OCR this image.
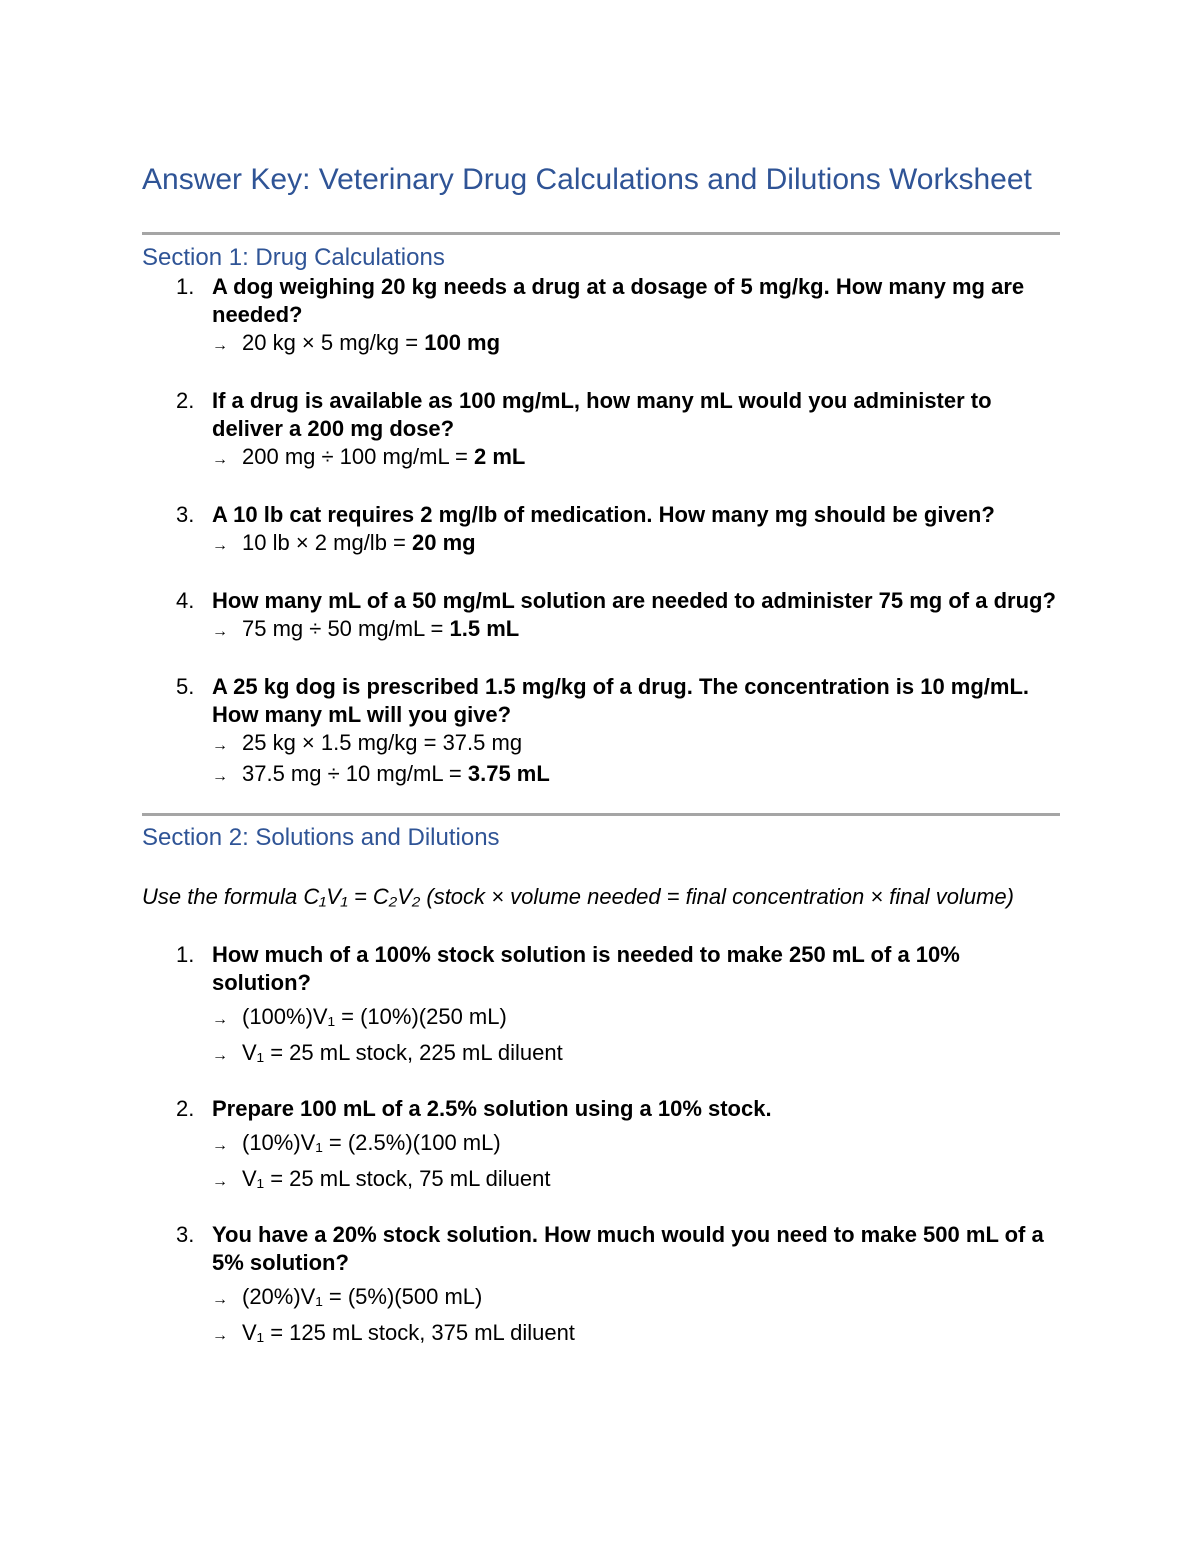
Answer Key: Veterinary Drug Calculations and Dilutions Worksheet
Section 1: Drug Calculations
1. A dog weighing 20 kg needs a drug at a dosage of 5 mg/kg. How many mg are needed?
→ 20 kg × 5 mg/kg = 100 mg
2. If a drug is available as 100 mg/mL, how many mL would you administer to deliver a 200 mg dose?
→ 200 mg ÷ 100 mg/mL = 2 mL
3. A 10 lb cat requires 2 mg/lb of medication. How many mg should be given?
→ 10 lb × 2 mg/lb = 20 mg
4. How many mL of a 50 mg/mL solution are needed to administer 75 mg of a drug?
→ 75 mg ÷ 50 mg/mL = 1.5 mL
5. A 25 kg dog is prescribed 1.5 mg/kg of a drug. The concentration is 10 mg/mL. How many mL will you give?
→ 25 kg × 1.5 mg/kg = 37.5 mg
→ 37.5 mg ÷ 10 mg/mL = 3.75 mL
Section 2: Solutions and Dilutions

Use the formula C₁V₁ = C₂V₂ (stock × volume needed = final concentration × final volume)

1. How much of a 100% stock solution is needed to make 250 mL of a 10% solution?
→ (100%)V₁ = (10%)(250 mL)
→ V₁ = 25 mL stock, 225 mL diluent
2. Prepare 100 mL of a 2.5% solution using a 10% stock.
→ (10%)V₁ = (2.5%)(100 mL)
→ V₁ = 25 mL stock, 75 mL diluent
3. You have a 20% stock solution. How much would you need to make 500 mL of a 5% solution?
→ (20%)V₁ = (5%)(500 mL)
→ V₁ = 125 mL stock, 375 mL diluent
